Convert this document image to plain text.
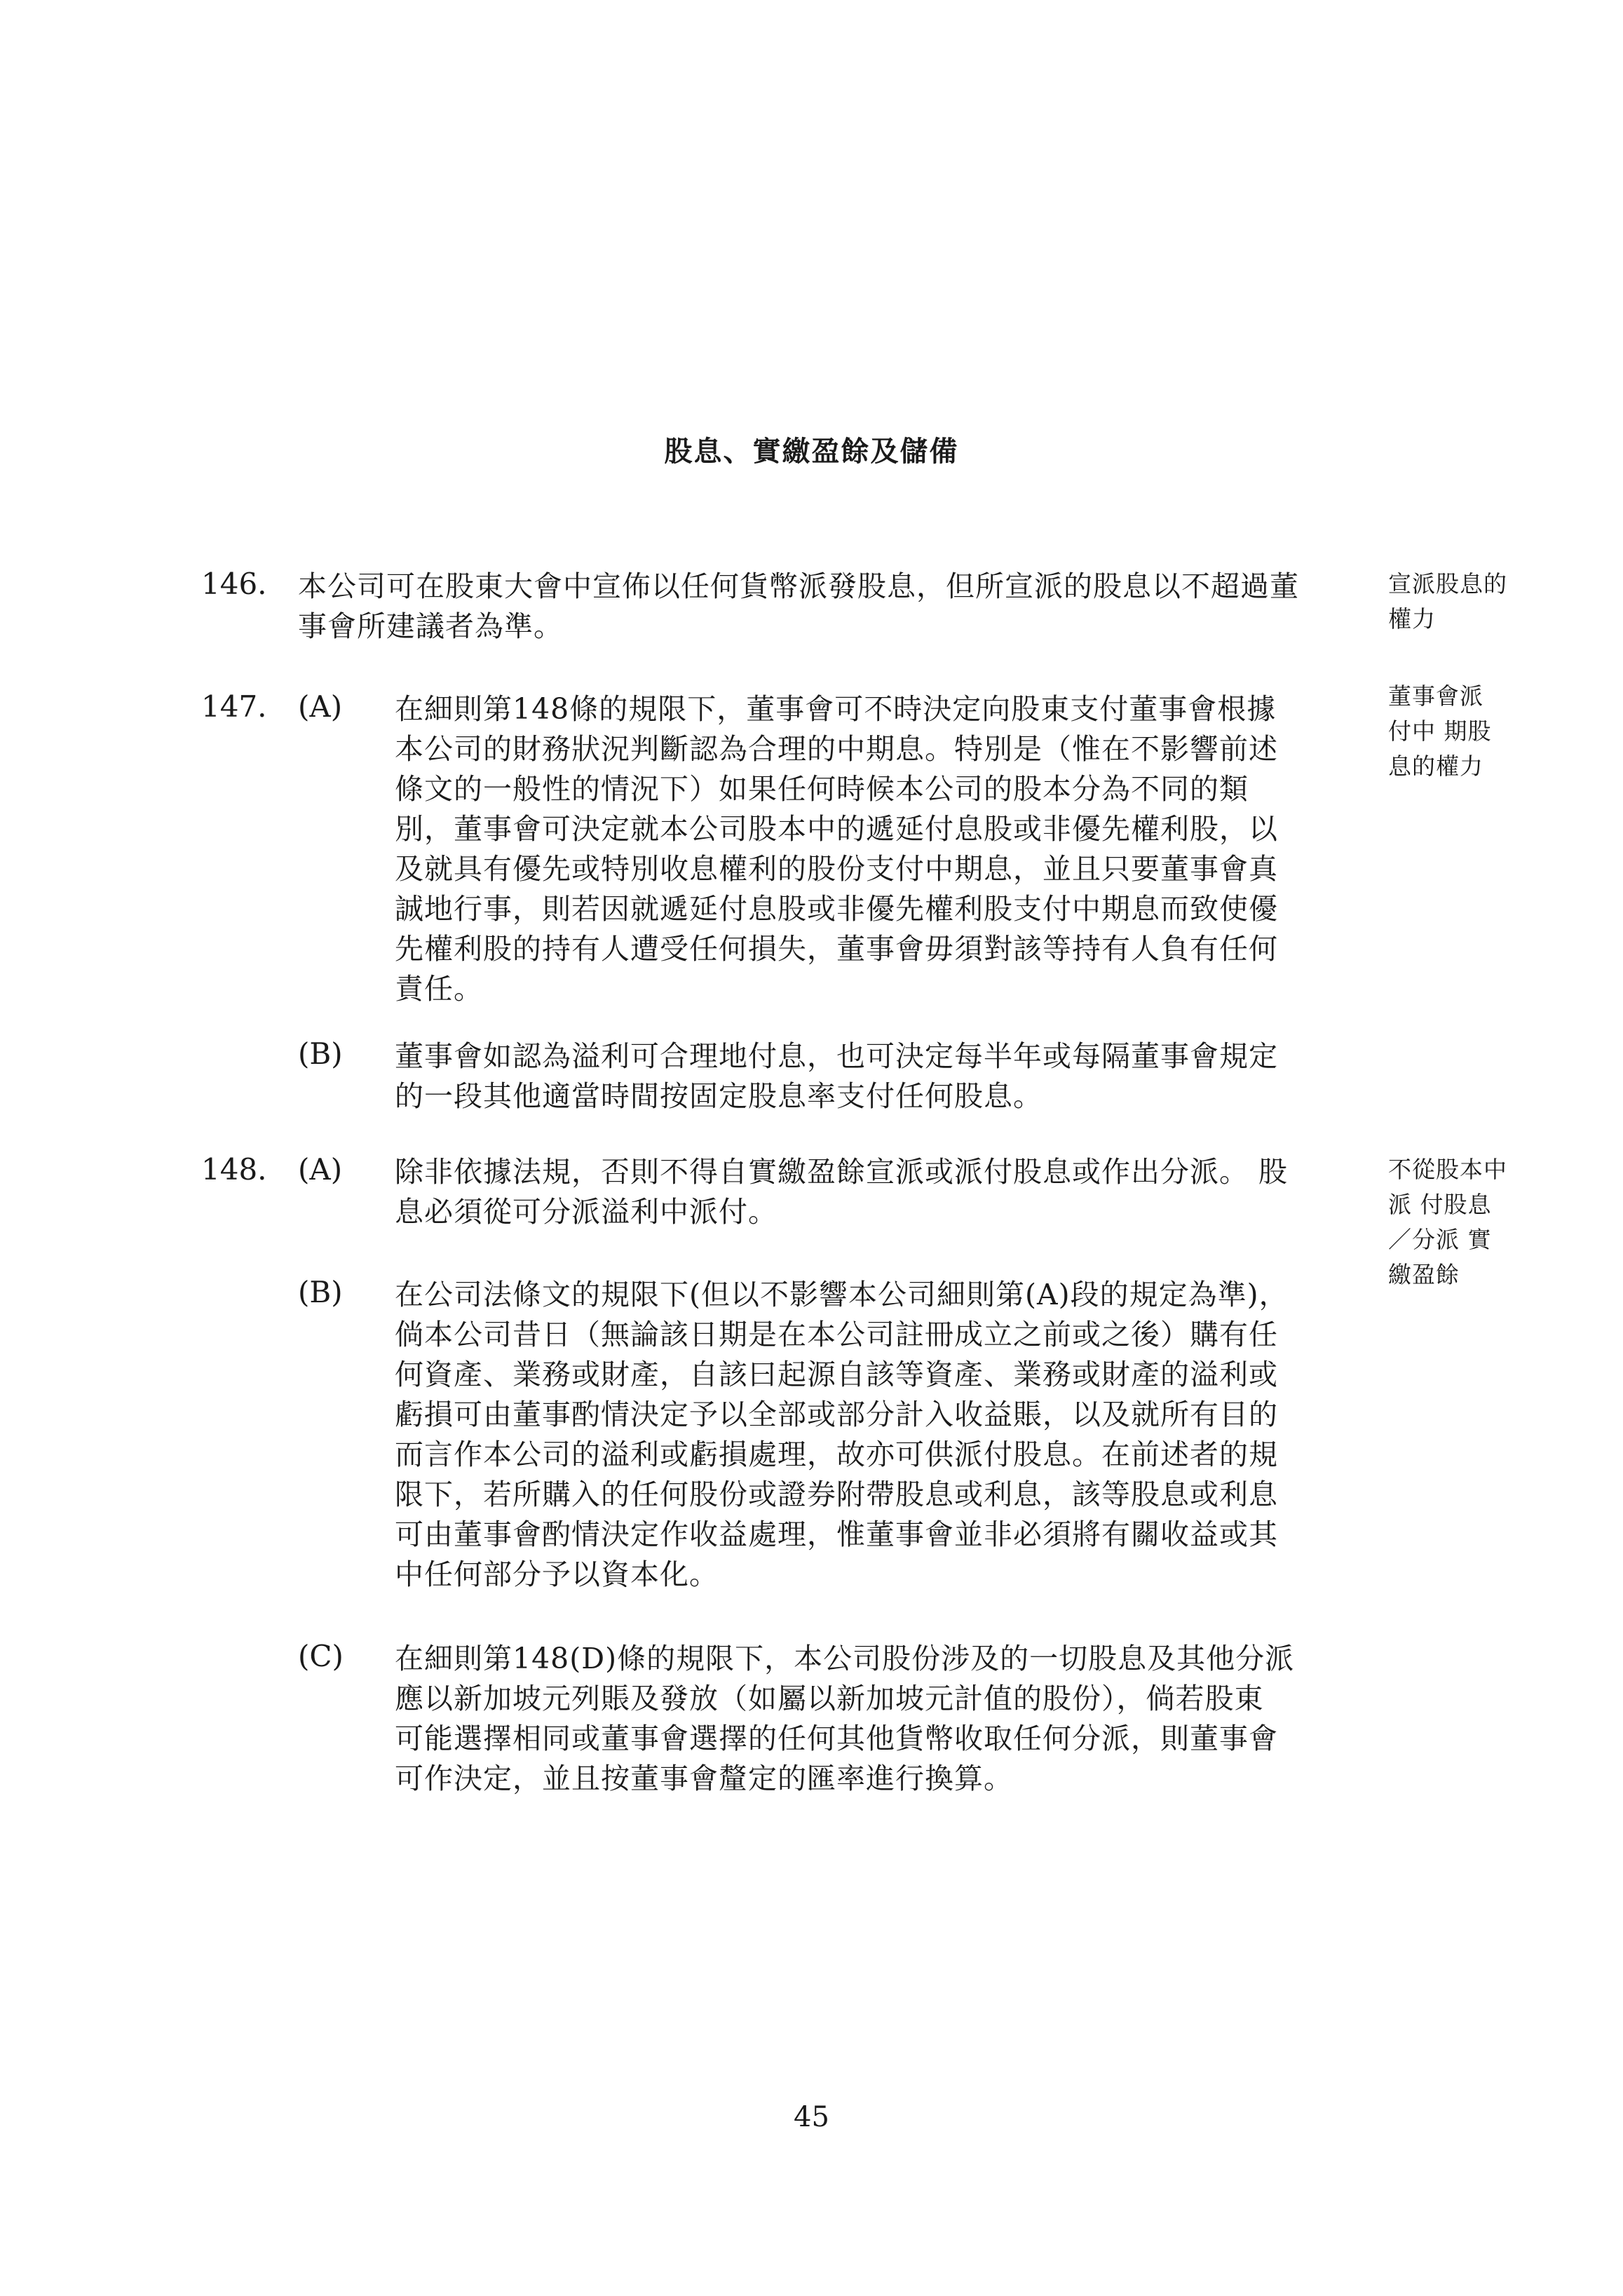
股息、實繳盈餘及儲備
146. 本公司可在股東大會中宣佈以任何貨幣派發股息，但所宣派的股息以不超過董
事會所建議者為準。
宣派股息的
權力
147. (A) 在細則第148條的規限下，董事會可不時決定向股東支付董事會根據
本公司的財務狀況判斷認為合理的中期息。特別是（惟在不影響前述
條文的一般性的情況下）如果任何時候本公司的股本分為不同的類
別，董事會可決定就本公司股本中的遞延付息股或非優先權利股，以
及就具有優先或特別收息權利的股份支付中期息，並且只要董事會真
誠地行事，則若因就遞延付息股或非優先權利股支付中期息而致使優
先權利股的持有人遭受任何損失，董事會毋須對該等持有人負有任何
責任。
董事會派
付中 期股
息的權力
(B) 董事會如認為溢利可合理地付息，也可決定每半年或每隔董事會規定
的一段其他適當時間按固定股息率支付任何股息。
148. (A) 除非依據法規，否則不得自實繳盈餘宣派或派付股息或作出分派。 股
息必須從可分派溢利中派付。
不從股本中
派 付股息
／分派 實
繳盈餘
(B) 在公司法條文的規限下(但以不影響本公司細則第(A)段的規定為準)，
倘本公司昔日（無論該日期是在本公司註冊成立之前或之後）購有任
何資產、業務或財產，自該曰起源自該等資產、業務或財產的溢利或
虧損可由董事酌情決定予以全部或部分計入收益賬，以及就所有目的
而言作本公司的溢利或虧損處理，故亦可供派付股息。在前述者的規
限下，若所購入的任何股份或證券附帶股息或利息，該等股息或利息
可由董事會酌情決定作收益處理，惟董事會並非必須將有關收益或其
中任何部分予以資本化。
(C) 在細則第148(D)條的規限下，本公司股份涉及的一切股息及其他分派
應以新加坡元列賬及發放（如屬以新加坡元計值的股份），倘若股東
可能選擇相同或董事會選擇的任何其他貨幣收取任何分派，則董事會
可作決定，並且按董事會釐定的匯率進行換算。
45
